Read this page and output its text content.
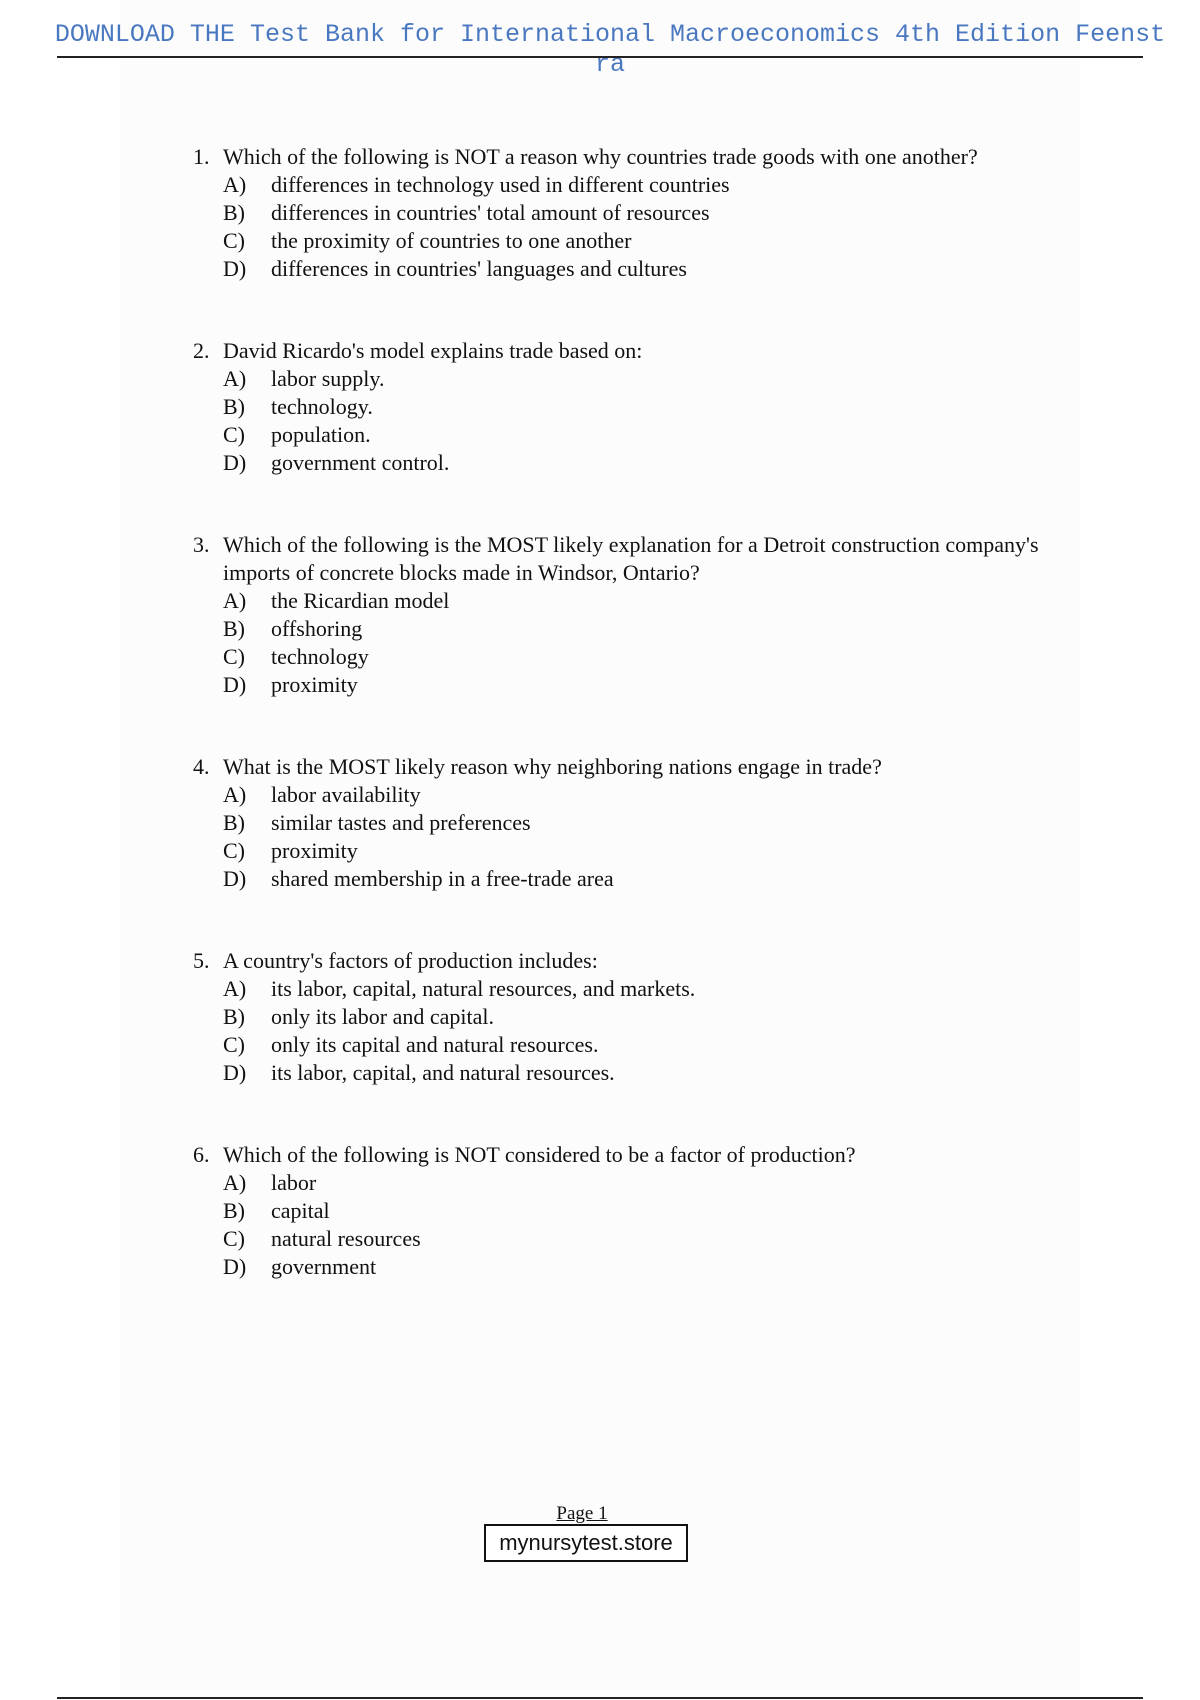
DOWNLOAD THE Test Bank for International Macroeconomics 4th Edition Feenstra
1. Which of the following is NOT a reason why countries trade goods with one another?
A)	differences in technology used in different countries
B)	differences in countries' total amount of resources
C)	the proximity of countries to one another
D)	differences in countries' languages and cultures
2. David Ricardo's model explains trade based on:
A)	labor supply.
B)	technology.
C)	population.
D)	government control.
3. Which of the following is the MOST likely explanation for a Detroit construction company's imports of concrete blocks made in Windsor, Ontario?
A)	the Ricardian model
B)	offshoring
C)	technology
D)	proximity
4. What is the MOST likely reason why neighboring nations engage in trade?
A)	labor availability
B)	similar tastes and preferences
C)	proximity
D)	shared membership in a free-trade area
5. A country's factors of production includes:
A)	its labor, capital, natural resources, and markets.
B)	only its labor and capital.
C)	only its capital and natural resources.
D)	its labor, capital, and natural resources.
6. Which of the following is NOT considered to be a factor of production?
A)	labor
B)	capital
C)	natural resources
D)	government
Page 1
mynursytest.store
